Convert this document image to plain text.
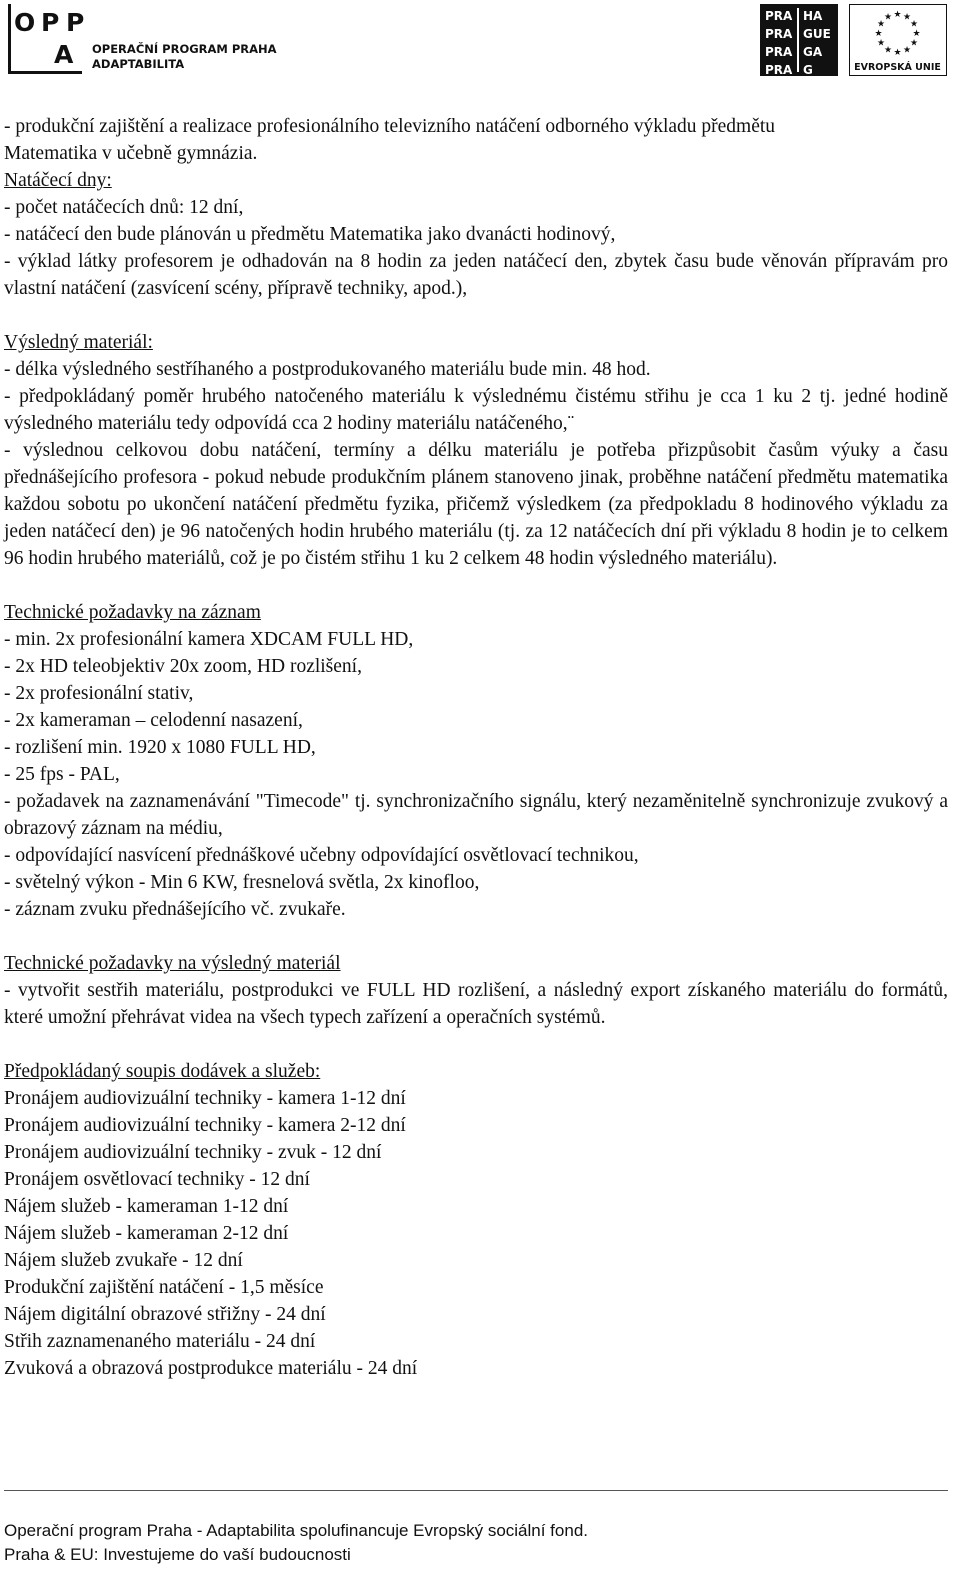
O P P
A OPERAČNÍ PROGRAM PRAHA
ADAPTABILITA
PRA
PRA
PRA
PRA
HA
GUE
GA
G
★ ★
★
★
★
★
★
★
★
★
★
★
EVROPSKÁ UNIE
- produkční zajištění a realizace profesionálního televizního natáčení odborného výkladu předmětu
Matematika v učebně gymnázia.
Natáčecí dny:
- počet natáčecích dnů: 12 dní,
- natáčecí den bude plánován u předmětu Matematika jako dvanácti hodinový,

- výklad látky profesorem je odhadován na 8 hodin za jeden natáčecí den, zbytek času bude věnován přípravám pro vlastní natáčení (zasvícení scény, přípravě techniky, apod.),

Výsledný materiál:
- délka výsledného sestříhaného a postprodukovaného materiálu bude min. 48 hod.

- předpokládaný poměr hrubého natočeného materiálu k výslednému čistému střihu je cca 1 ku 2 tj. jedné hodině výsledného materiálu tedy odpovídá cca 2 hodiny materiálu natáčeného,¨

- výslednou celkovou dobu natáčení, termíny a délku materiálu je potřeba přizpůsobit časům výuky a času přednášejícího profesora - pokud nebude produkčním plánem stanoveno jinak, proběhne natáčení předmětu matematika každou sobotu po ukončení natáčení předmětu fyzika, přičemž výsledkem (za předpokladu 8 hodinového výkladu za jeden natáčecí den) je 96 natočených hodin hrubého materiálu (tj. za 12 natáčecích dní při výkladu 8 hodin je to celkem 96 hodin hrubého materiálů, což je po čistém střihu 1 ku 2 celkem 48 hodin výsledného materiálu).

Technické požadavky na záznam
- min. 2x profesionální kamera XDCAM FULL HD,
- 2x HD teleobjektiv 20x zoom, HD rozlišení,
- 2x profesionální stativ,
- 2x kameraman – celodenní nasazení,
- rozlišení min. 1920 x 1080 FULL HD,
- 25 fps - PAL,

- požadavek na zaznamenávání "Timecode" tj. synchronizačního signálu, který nezaměnitelně synchronizuje zvukový a obrazový záznam na médiu,

- odpovídající nasvícení přednáškové učebny odpovídající osvětlovací technikou,
- světelný výkon - Min 6 KW, fresnelová světla, 2x kinofloo,
- záznam zvuku přednášejícího vč. zvukaře.
Technické požadavky na výsledný materiál

- vytvořit sestřih materiálu, postprodukci ve FULL HD rozlišení, a následný export získaného materiálu do formátů, které umožní přehrávat videa na všech typech zařízení a operačních systémů.

Předpokládaný soupis dodávek a služeb:
Pronájem audiovizuální techniky - kamera 1-12 dní
Pronájem audiovizuální techniky - kamera 2-12 dní
Pronájem audiovizuální techniky - zvuk - 12 dní
Pronájem osvětlovací techniky - 12 dní
Nájem služeb - kameraman 1-12 dní
Nájem služeb - kameraman 2-12 dní
Nájem služeb zvukaře - 12 dní
Produkční zajištění natáčení - 1,5 měsíce
Nájem digitální obrazové střižny - 24 dní
Střih zaznamenaného materiálu - 24 dní
Zvuková a obrazová postprodukce materiálu - 24 dní
Operační program Praha - Adaptabilita spolufinancuje Evropský sociální fond.
Praha & EU: Investujeme do vaší budoucnosti
